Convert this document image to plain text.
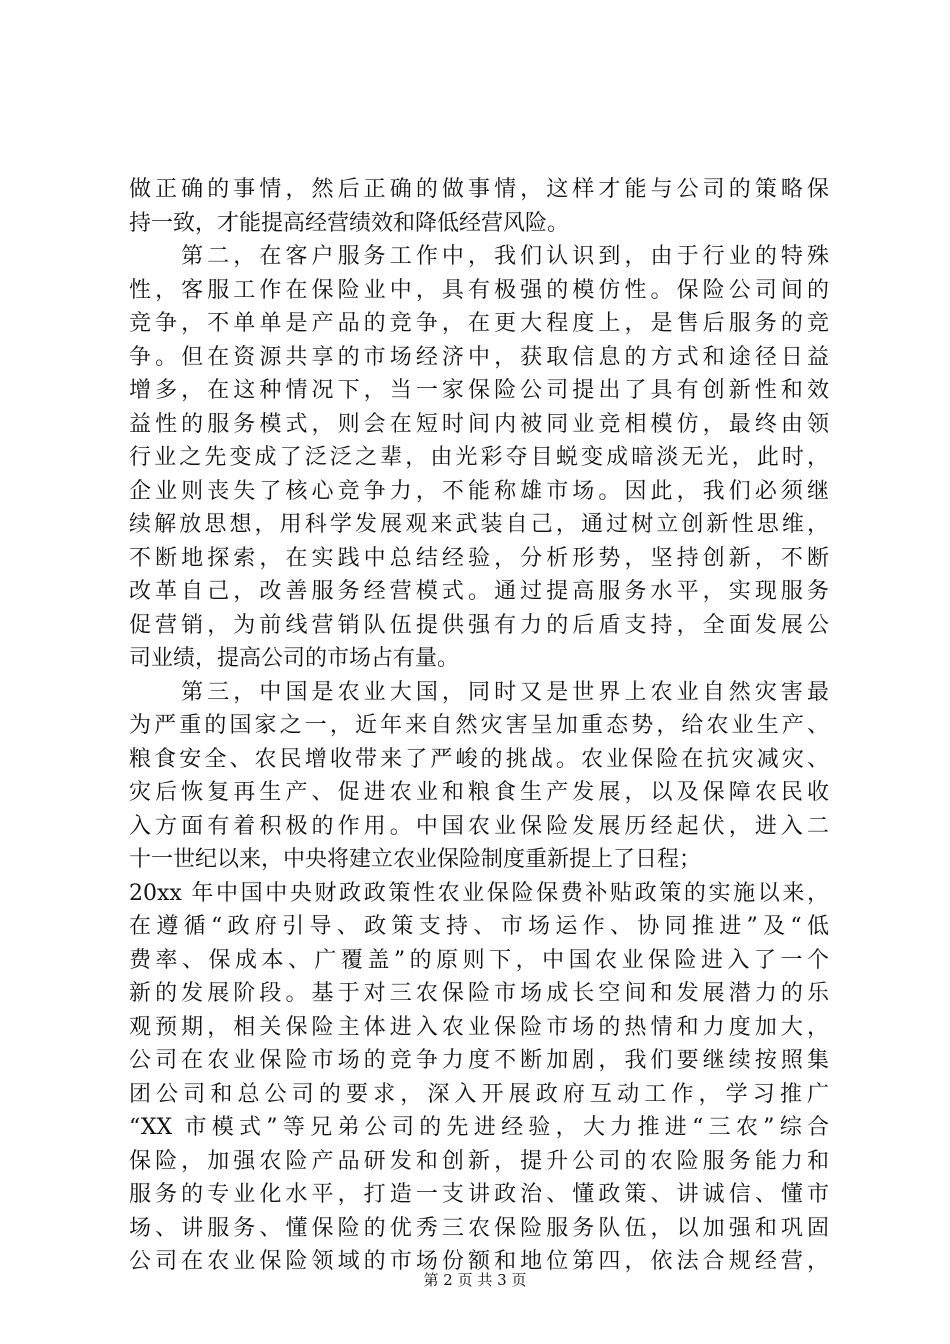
做正确的事情，然后正确的做事情，这样才能与公司的策略保
持一致，才能提高经营绩效和降低经营风险。
　　第二，在客户服务工作中，我们认识到，由于行业的特殊
性，客服工作在保险业中，具有极强的模仿性。保险公司间的
竞争，不单单是产品的竞争，在更大程度上，是售后服务的竞
争。但在资源共享的市场经济中，获取信息的方式和途径日益
增多，在这种情况下，当一家保险公司提出了具有创新性和效
益性的服务模式，则会在短时间内被同业竞相模仿，最终由领
行业之先变成了泛泛之辈，由光彩夺目蜕变成暗淡无光，此时，
企业则丧失了核心竞争力，不能称雄市场。因此，我们必须继
续解放思想，用科学发展观来武装自己，通过树立创新性思维，
不断地探索，在实践中总结经验，分析形势，坚持创新，不断
改革自己，改善服务经营模式。通过提高服务水平，实现服务
促营销，为前线营销队伍提供强有力的后盾支持，全面发展公
司业绩，提高公司的市场占有量。
　　第三，中国是农业大国，同时又是世界上农业自然灾害最
为严重的国家之一，近年来自然灾害呈加重态势，给农业生产、
粮食安全、农民增收带来了严峻的挑战。农业保险在抗灾减灾、
灾后恢复再生产、促进农业和粮食生产发展，以及保障农民收
入方面有着积极的作用。中国农业保险发展历经起伏，进入二
十一世纪以来，中央将建立农业保险制度重新提上了日程；
20xx 年中国中央财政政策性农业保险保费补贴政策的实施以来，
在遵循“政府引导、政策支持、市场运作、协同推进”及“低
费率、保成本、广覆盖”的原则下，中国农业保险进入了一个
新的发展阶段。基于对三农保险市场成长空间和发展潜力的乐
观预期，相关保险主体进入农业保险市场的热情和力度加大，
公司在农业保险市场的竞争力度不断加剧，我们要继续按照集
团公司和总公司的要求，深入开展政府互动工作，学习推广
“XX 市模式”等兄弟公司的先进经验，大力推进“三农”综合
保险，加强农险产品研发和创新，提升公司的农险服务能力和
服务的专业化水平，打造一支讲政治、懂政策、讲诚信、懂市
场、讲服务、懂保险的优秀三农保险服务队伍，以加强和巩固
公司在农业保险领域的市场份额和地位第四，依法合规经营，
第 2 页 共 3 页
